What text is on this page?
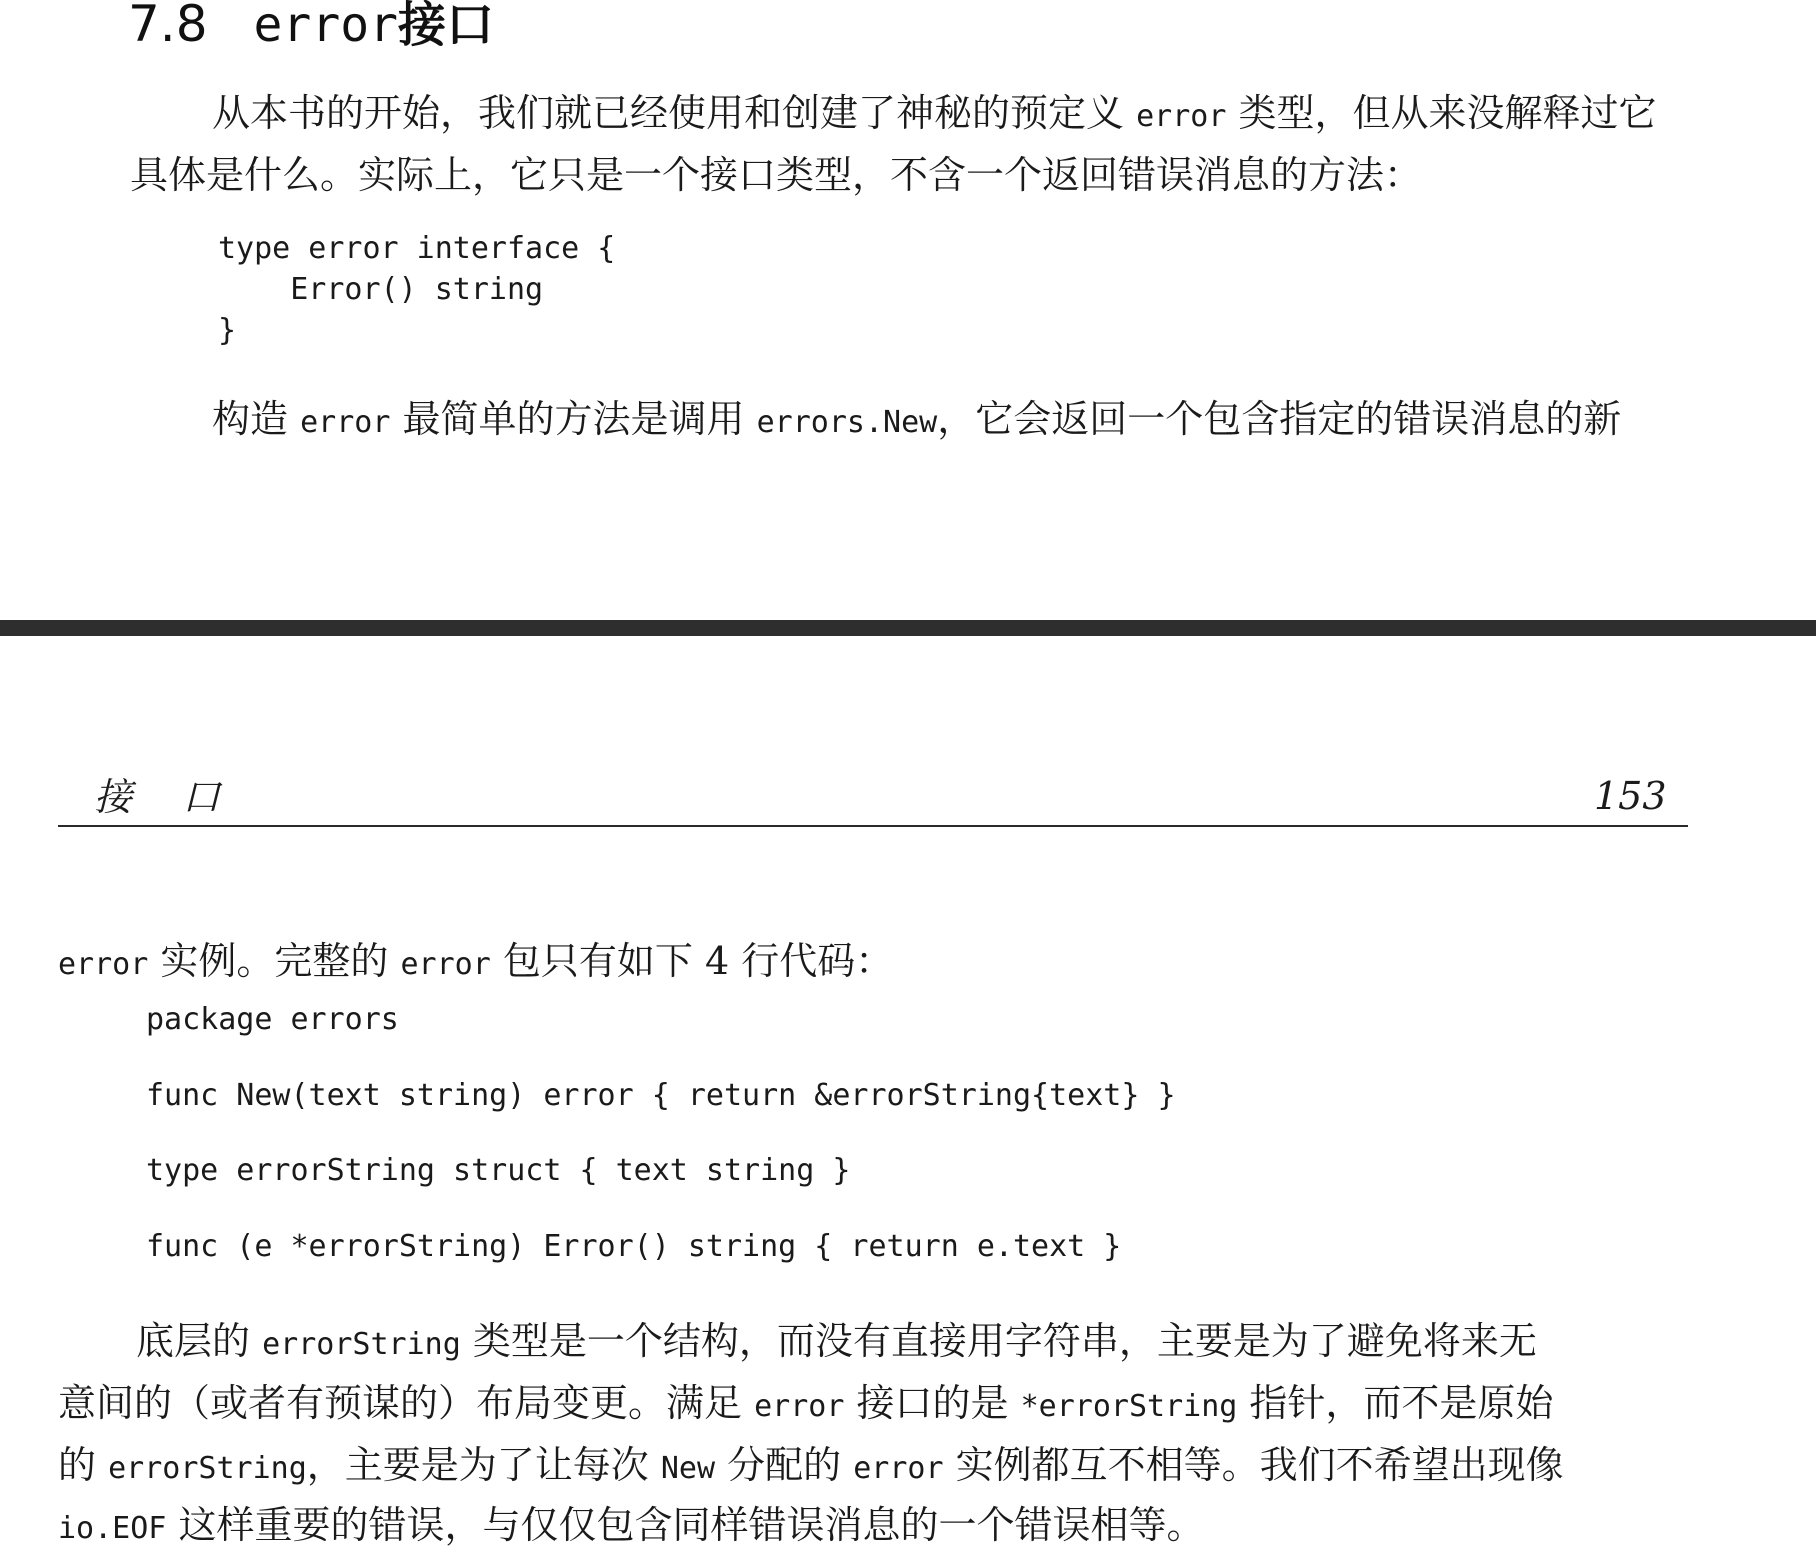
7.8 error接口
从本书的开始，我们就已经使用和创建了神秘的预定义 error 类型，但从来没解释过它
具体是什么。实际上，它只是一个接口类型，不含一个返回错误消息的方法：
type error interface {
Error() string
}
构造 error 最简单的方法是调用 errors.New，它会返回一个包含指定的错误消息的新
接口	153
error 实例。完整的 error 包只有如下 4 行代码：
package errors
func New(text string) error { return &errorString{text} }
type errorString struct { text string }
func (e *errorString) Error() string { return e.text }
底层的 errorString 类型是一个结构，而没有直接用字符串，主要是为了避免将来无
意间的（或者有预谋的）布局变更。满足 error 接口的是 *errorString 指针，而不是原始
的 errorString，主要是为了让每次 New 分配的 error 实例都互不相等。我们不希望出现像
io.EOF 这样重要的错误，与仅仅包含同样错误消息的一个错误相等。
